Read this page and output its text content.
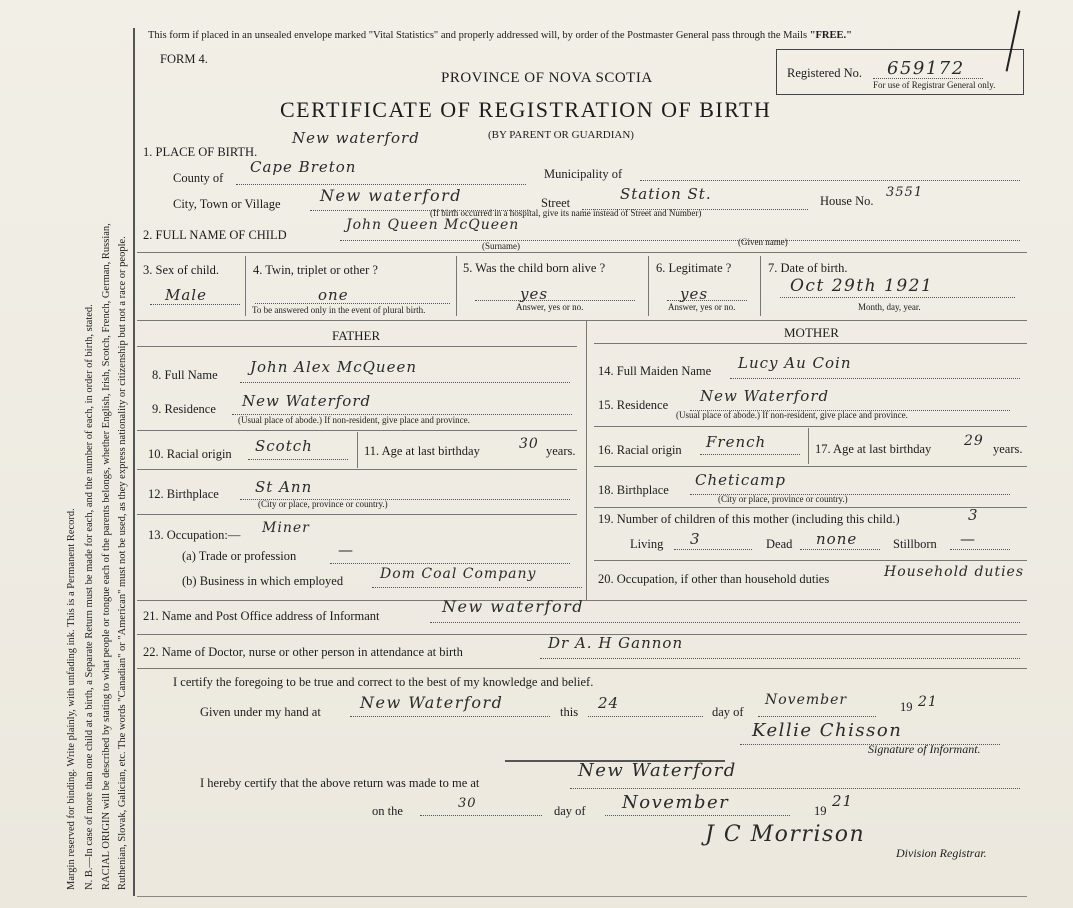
Margin reserved for binding. Write plainly, with unfading ink. This is a Permanent Record. N. B.—In case of more than one child at a birth, a Separate Return must be made for each, and the number of each, in order of birth, stated. RACIAL ORIGIN will be described by stating to what people or tongue each of the parents belongs, whether English, Irish, Scotch, French, German, Russian, Ruthenian, Slovak, Galician, etc. The words "Canadian" or "American" must not be used, as they express nationality or citizenship but not a race or people.
This form if placed in an unsealed envelope marked "Vital Statistics" and properly addressed will, by order of the Postmaster General pass through the Mails "FREE."
FORM 4.
PROVINCE OF NOVA SCOTIA
CERTIFICATE OF REGISTRATION OF BIRTH
Registered No. 659172
For use of Registrar General only.
1. PLACE OF BIRTH.
New waterford	(BY PARENT OR GUARDIAN)
County of
Cape Breton	Municipality of
City, Town or Village New waterford	Street	Station St.	House No.
3551
(If birth occurred in a hospital, give its name instead of Street and Number)
2. FULL NAME OF CHILD
John Queen McQueen
(Surname)	(Given name)
3. Sex of child.
Male
4. Twin, triplet or other ?
one
To be answered only in the event of plural birth.
5. Was the child born alive ?
yes
Answer, yes or no.
6. Legitimate ?
yes
Answer, yes or no.
7. Date of birth.
Oct 29th 1921
Month, day, year.
FATHER	MOTHER
8. Full Name John Alex McQueen
9. Residence New Waterford
(Usual place of abode.) If non-resident, give place and province.
10. Racial origin Scotch	11. Age at last birthday	30 years.
12. Birthplace St Ann
(City or place, province or country.)
13. Occupation:— Miner
(a) Trade or profession	—
(b) Business in which employed	Dom Coal Company
14. Full Maiden Name Lucy Au Coin
15. Residence New Waterford
(Usual place of abode.) If non-resident, give place and province.
16. Racial origin French	17. Age at last birthday 29 years.
18. Birthplace
Cheticamp
(City or place, province or country.)
19. Number of children of this mother (including this child.)	3
Living 3	Dead none	Stillborn —
20. Occupation, if other than household duties	Household duties
21. Name and Post Office address of Informant	New waterford
22. Name of Doctor, nurse or other person in attendance at birth	Dr A. H Gannon
I certify the foregoing to be true and correct to the best of my knowledge and belief.
Given under my hand at New Waterford	this 24	day of
November	19 21
Kellie Chisson
Signature of Informant.
I hereby certify that the above return was made to me at
New Waterford
on the	30	day of November	19
21
J C Morrison
Division Registrar.
